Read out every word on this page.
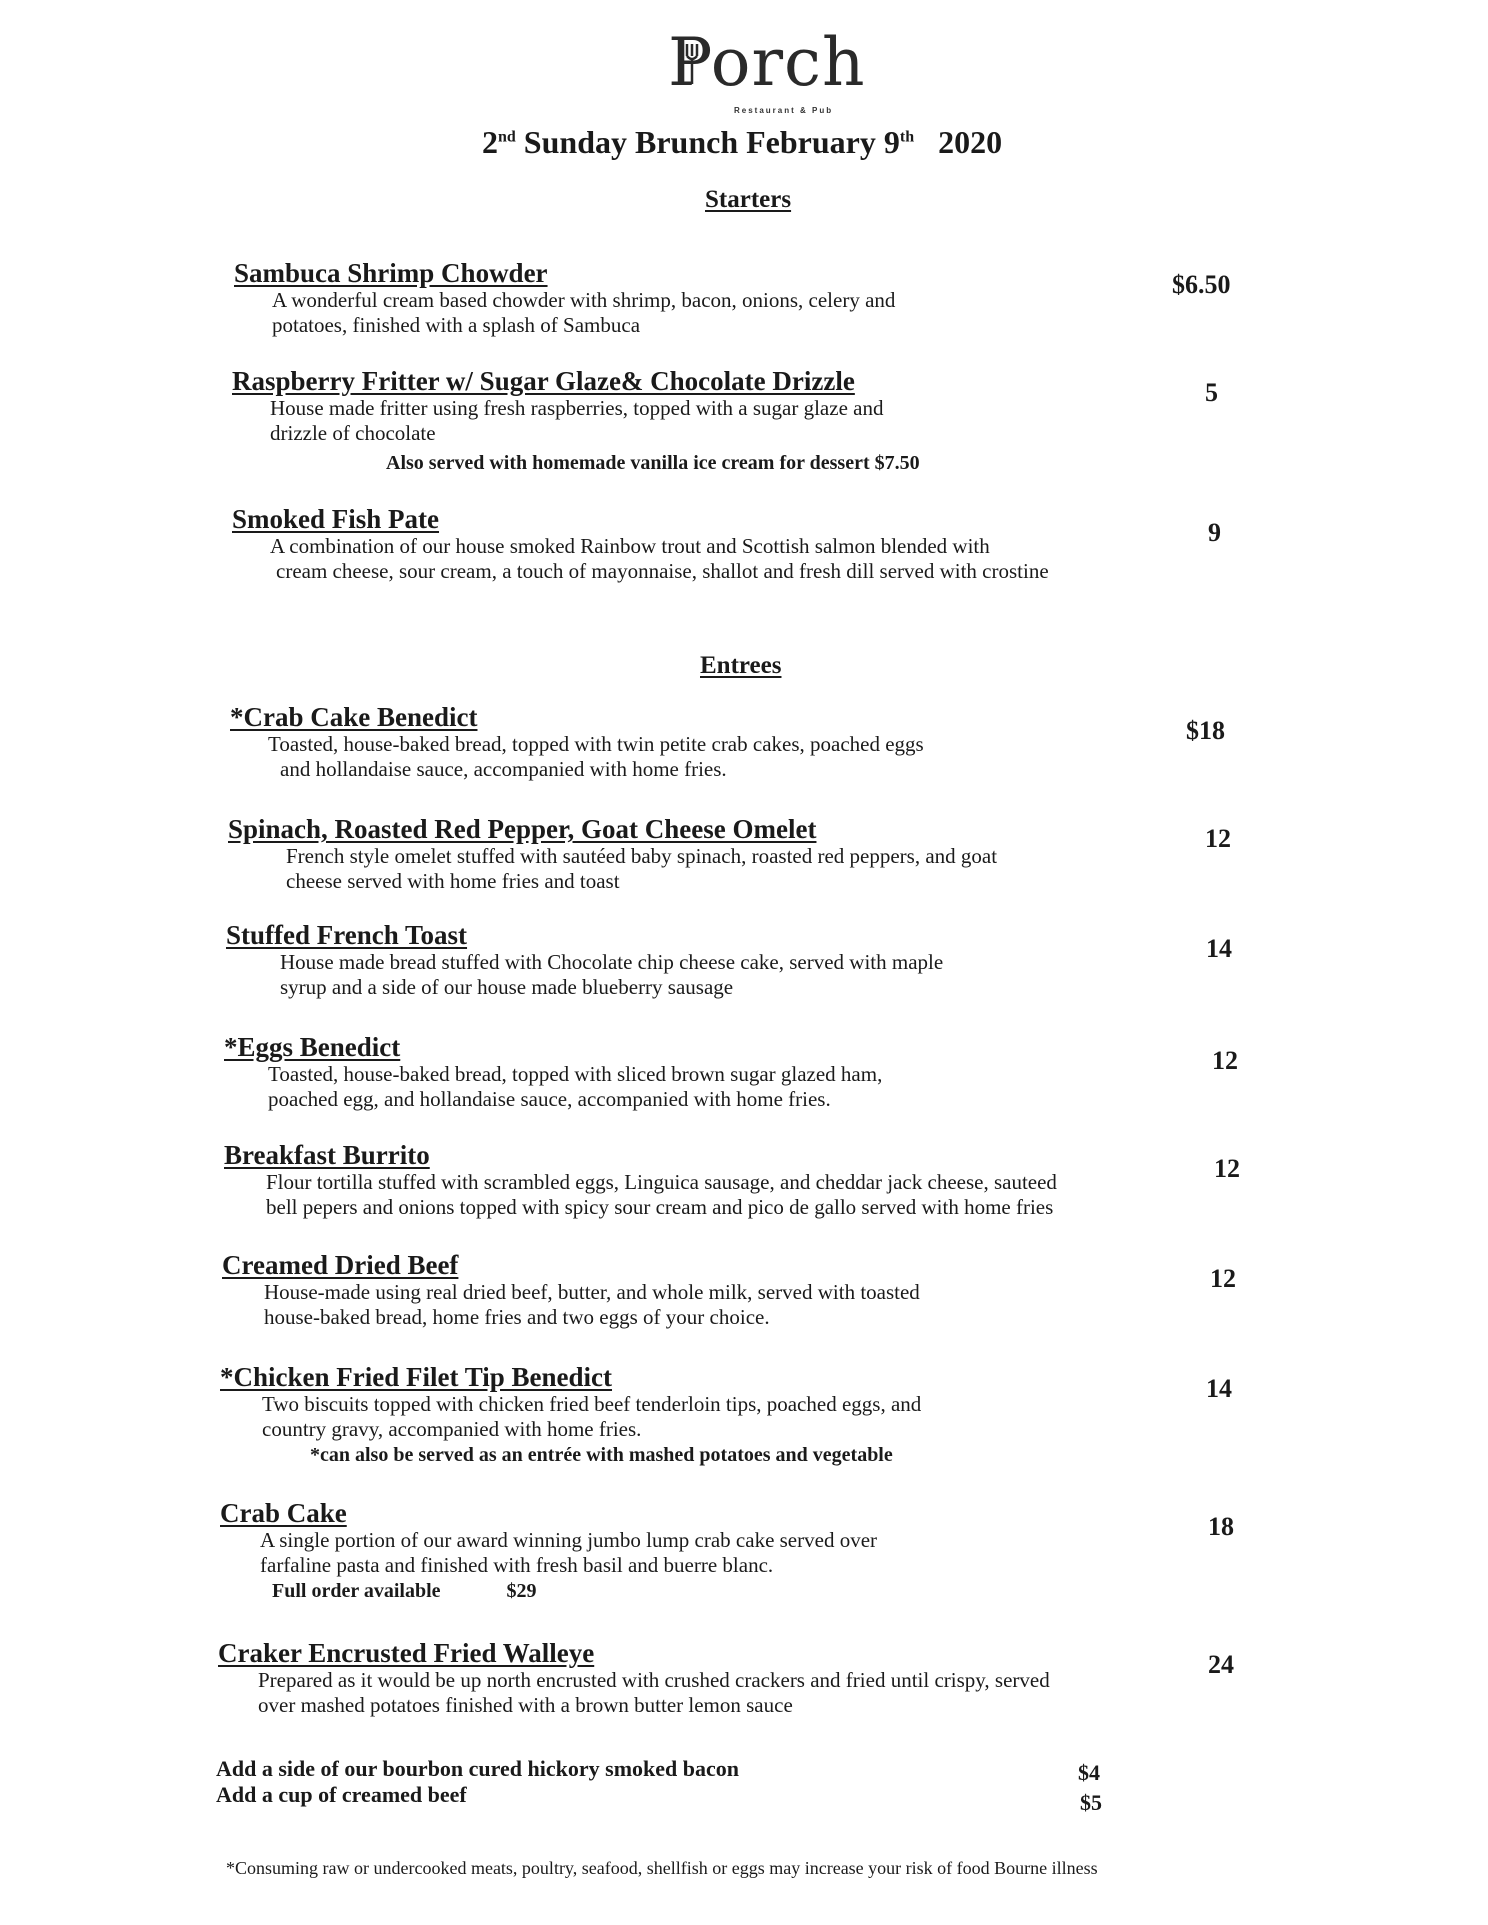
Porch
Restaurant & Pub
2nd Sunday Brunch February 9th 2020
Starters
Sambuca Shrimp Chowder
A wonderful cream based chowder with shrimp, bacon, onions, celery and
potatoes, finished with a splash of Sambuca
$6.50
Raspberry Fritter w/ Sugar Glaze& Chocolate Drizzle
House made fritter using fresh raspberries, topped with a sugar glaze and
drizzle of chocolate
Also served with homemade vanilla ice cream for dessert $7.50
5
Smoked Fish Pate
A combination of our house smoked Rainbow trout and Scottish salmon blended with
cream cheese, sour cream, a touch of mayonnaise, shallot and fresh dill served with crostine
9
Entrees
*Crab Cake Benedict
Toasted, house-baked bread, topped with twin petite crab cakes, poached eggs
and hollandaise sauce, accompanied with home fries.
$18
Spinach, Roasted Red Pepper, Goat Cheese Omelet
French style omelet stuffed with sautéed baby spinach, roasted red peppers, and goat
cheese served with home fries and toast
12
Stuffed French Toast
House made bread stuffed with Chocolate chip cheese cake, served with maple
syrup and a side of our house made blueberry sausage
14
*Eggs Benedict
Toasted, house-baked bread, topped with sliced brown sugar glazed ham,
poached egg, and hollandaise sauce, accompanied with home fries.
12
Breakfast Burrito
Flour tortilla stuffed with scrambled eggs, Linguica sausage, and cheddar jack cheese, sauteed
bell pepers and onions topped with spicy sour cream and pico de gallo served with home fries
12
Creamed Dried Beef
House-made using real dried beef, butter, and whole milk, served with toasted
house-baked bread, home fries and two eggs of your choice.
12
*Chicken Fried Filet Tip Benedict
Two biscuits topped with chicken fried beef tenderloin tips, poached eggs, and
country gravy, accompanied with home fries.
*can also be served as an entrée with mashed potatoes and vegetable
14
Crab Cake
A single portion of our award winning jumbo lump crab cake served over
farfaline pasta and finished with fresh basil and buerre blanc.
Full order available	$29
18
Craker Encrusted Fried Walleye
Prepared as it would be up north encrusted with crushed crackers and fried until crispy, served
over mashed potatoes finished with a brown butter lemon sauce
24
Add a side of our bourbon cured hickory smoked bacon	$4
Add a cup of creamed beef	$5
*Consuming raw or undercooked meats, poultry, seafood, shellfish or eggs may increase your risk of food Bourne illness
